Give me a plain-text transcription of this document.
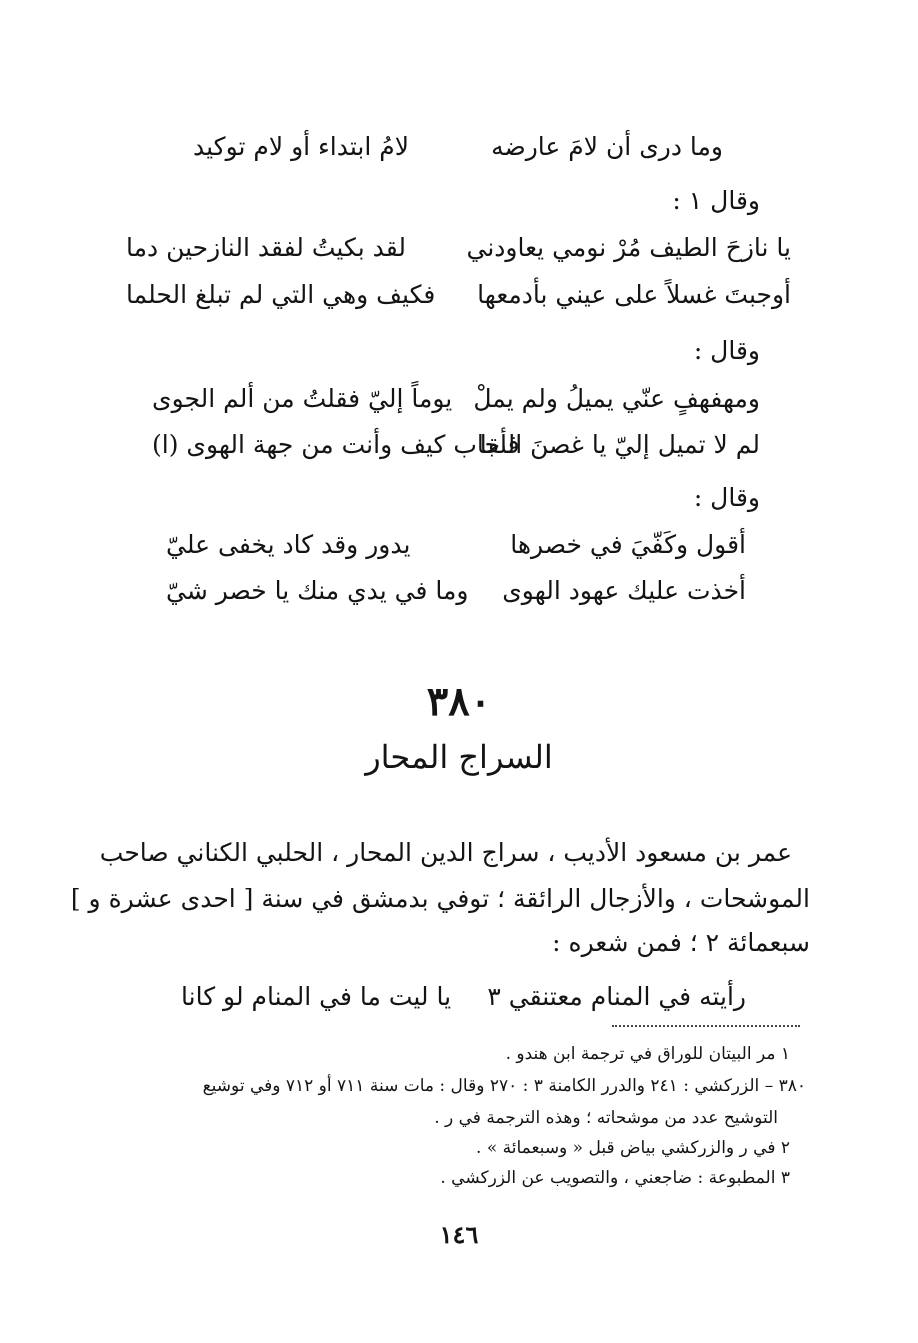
وما درى أن لامَ عارضه
لامُ ابتداء أو لام توكيد
وقال ١ :
يا نازحَ الطيف مُرْ نومي يعاودني
لقد بكيتُ لفقد النازحين دما
أوجبتَ غسلاً على عيني بأدمعها
فكيف وهي التي لم تبلغ الحلما
وقال :
ومهفهفٍ عنّي يميلُ ولم يملْ
يوماً إليّ فقلتُ من ألم الجوى
لم لا تميل إليّ يا غصنَ النقا
فأجاب كيف وأنت من جهة الهوى (ا)
وقال :
أقول وكَفّيَ في خصرها
يدور وقد كاد يخفى عليّ
أخذت عليك عهود الهوى
وما في يدي منك يا خصر شيّ
٣٨٠
السراج المحار
عمر بن مسعود الأديب ، سراج الدين المحار ، الحلبي الكناني صاحب
الموشحات ، والأزجال الرائقة ؛ توفي بدمشق في سنة [ احدى عشرة و ]
سبعمائة ٢ ؛ فمن شعره :
رأيته في المنام معتنقي ٣
يا ليت ما في المنام لو كانا
١ مر البيتان للوراق في ترجمة ابن هندو .
٣٨٠ – الزركشي : ٢٤١ والدرر الكامنة ٣ : ٢٧٠ وقال : مات سنة ٧١١ أو ٧١٢ وفي توشيع
التوشيح عدد من موشحاته ؛ وهذه الترجمة في ر .
٢ في ر والزركشي بياض قبل « وسبعمائة » .
٣ المطبوعة : ضاجعني ، والتصويب عن الزركشي .
١٤٦
